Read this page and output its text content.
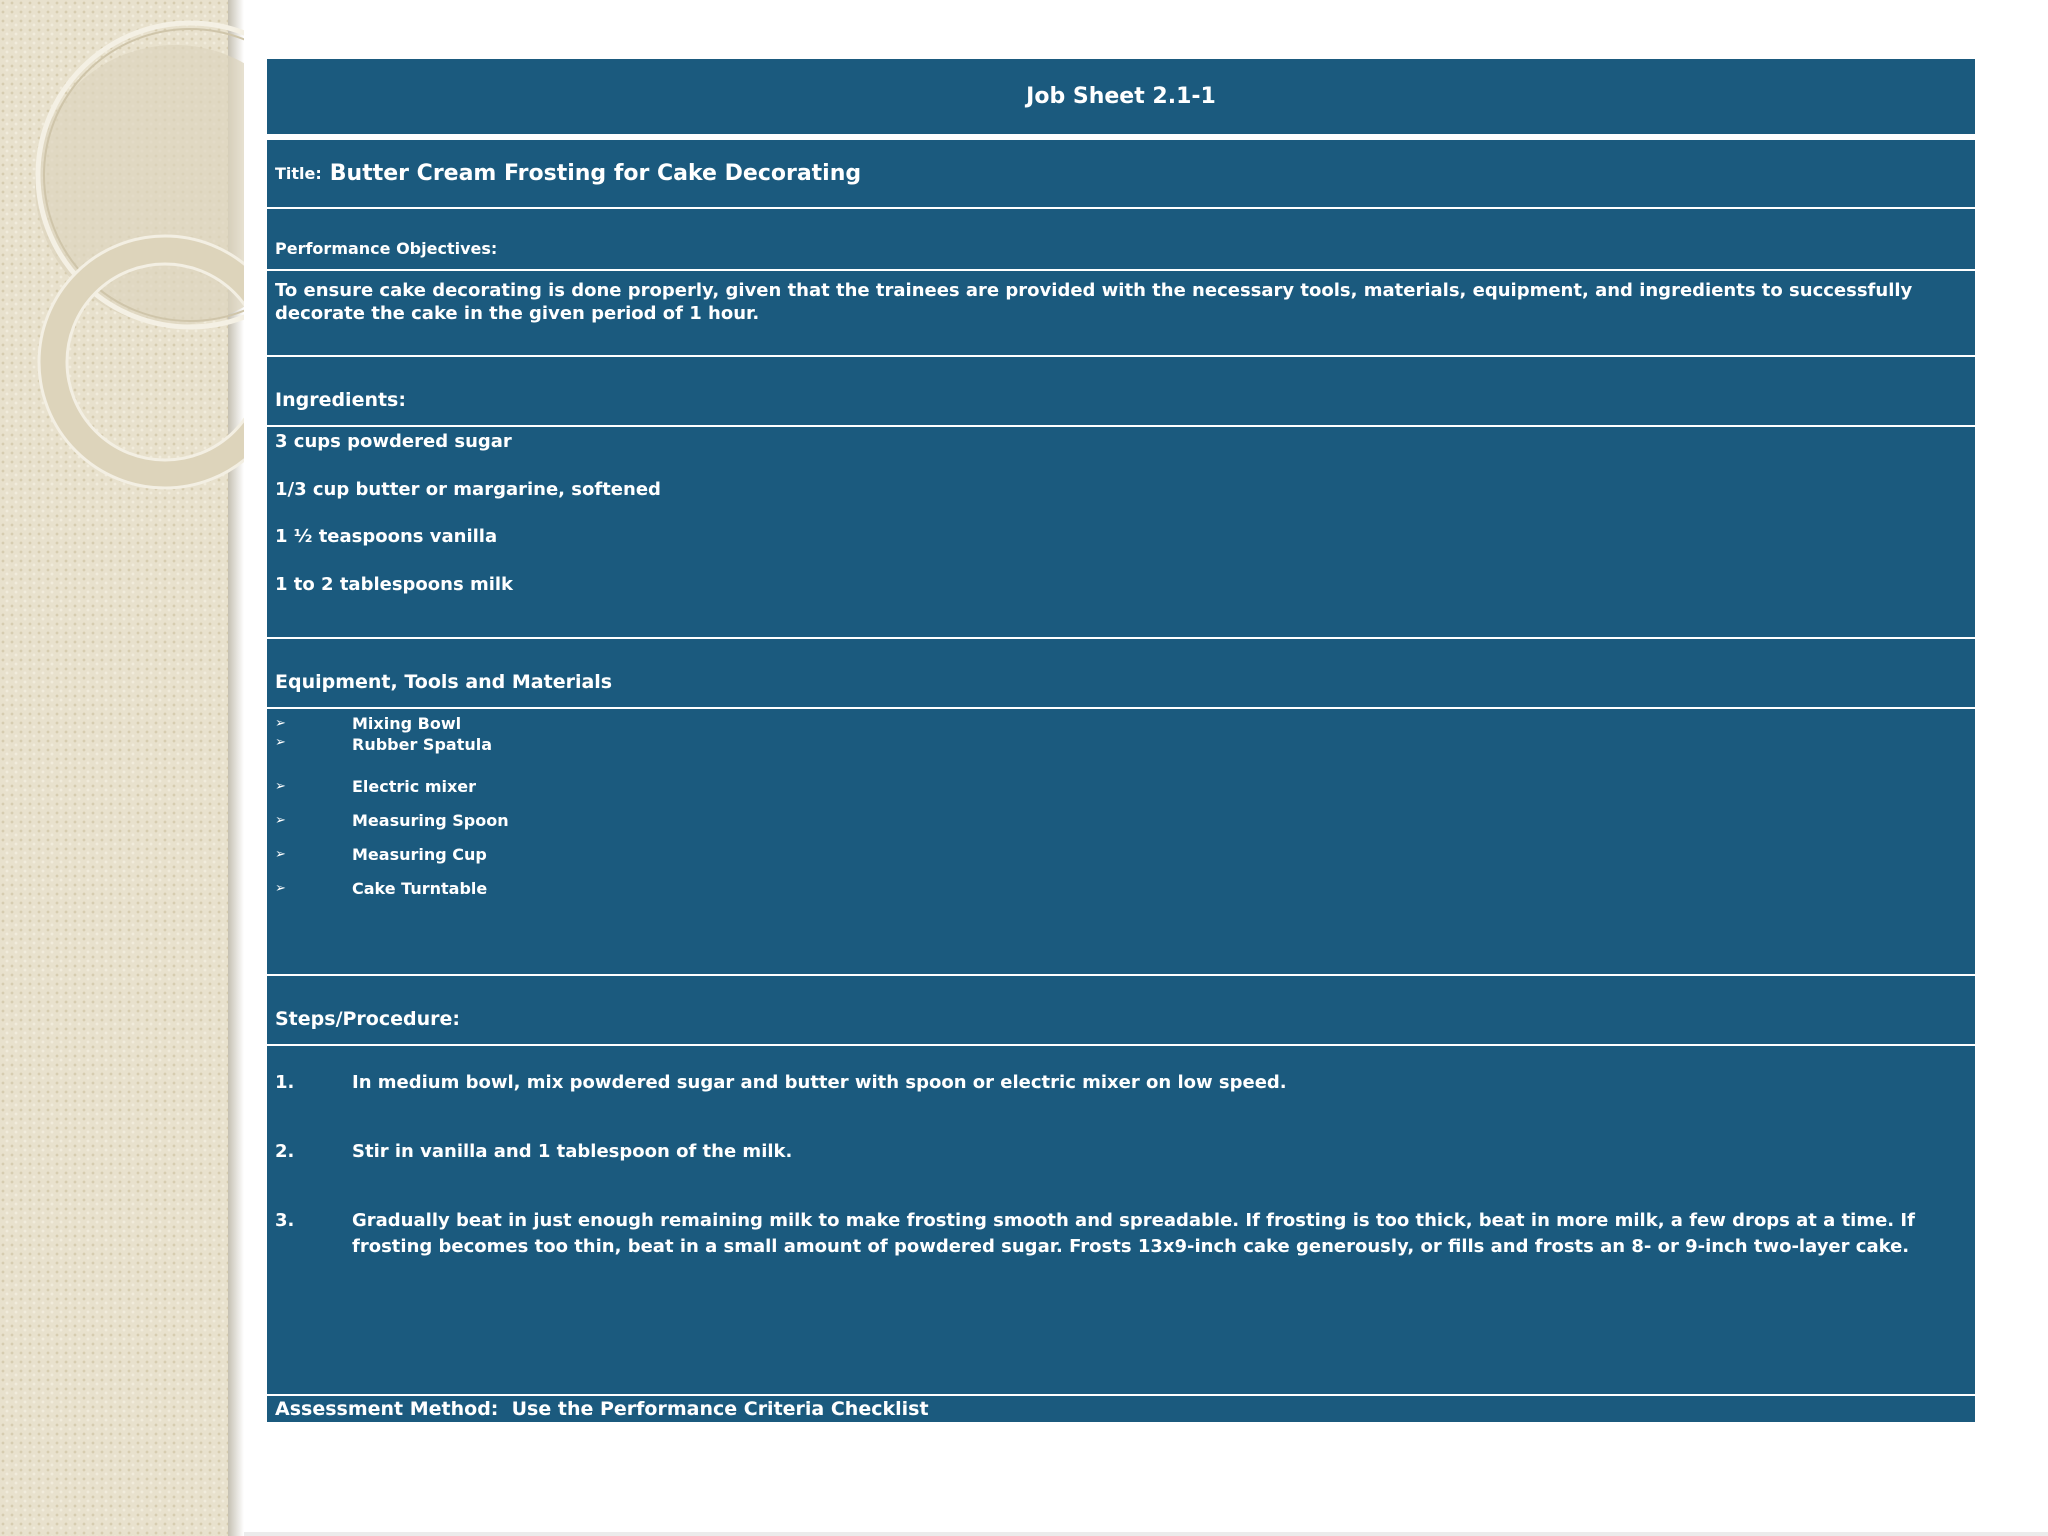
Job Sheet 2.1-1
Title: Butter Cream Frosting for Cake Decorating
Performance Objectives:
To ensure cake decorating is done properly, given that the trainees are provided with the necessary tools, materials, equipment, and ingredients to successfully decorate the cake in the given period of 1 hour.
Ingredients:
3 cups powdered sugar
1/3 cup butter or margarine, softened
1 ½ teaspoons vanilla
1 to 2 tablespoons milk
Equipment, Tools and Materials
➢	Mixing Bowl
➢	Rubber Spatula
➢	Electric mixer
➢	Measuring Spoon
➢	Measuring Cup
➢	Cake Turntable
Steps/Procedure:
1.	In medium bowl, mix powdered sugar and butter with spoon or electric mixer on low speed.
2.	Stir in vanilla and 1 tablespoon of the milk.
3.	Gradually beat in just enough remaining milk to make frosting smooth and spreadable. If frosting is too thick, beat in more milk, a few drops at a time. If frosting becomes too thin, beat in a small amount of powdered sugar. Frosts 13x9-inch cake generously, or fills and frosts an 8- or 9-inch two-layer cake.
Assessment Method:  Use the Performance Criteria Checklist
